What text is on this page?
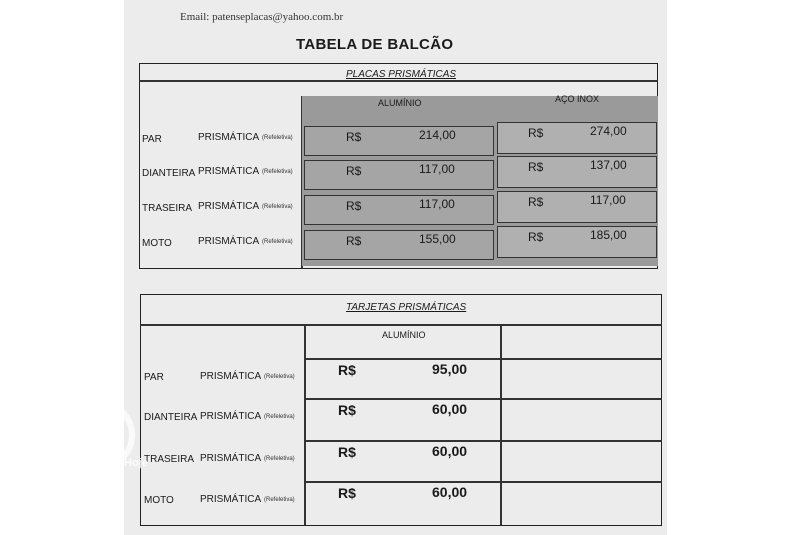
Email: patenseplacas@yahoo.com.br
TABELA DE BALCÃO
PLACAS PRISMÁTICAS
ALUMÍNIO	AÇO INOX
PAR	PRISMÁTICA (Refeletiva)	R$	214,00	R$	274,00
DIANTEIRA PRISMÁTICA (Refeletiva)	R$	117,00	R$	137,00
TRASEIRA PRISMÁTICA (Refeletiva)	R$	117,00	R$	117,00
MOTO	PRISMÁTICA (Refeletiva)	R$	155,00	R$	185,00
TARJETAS PRISMÁTICAS
ALUMÍNIO
PAR	PRISMÁTICA (Refeletiva)	R$	95,00
DIANTEIRA PRISMÁTICA (Refeletiva)	R$	60,00
TRASEIRA PRISMÁTICA (Refeletiva)	R$	60,00
MOTO	PRISMÁTICA (Refeletiva)	R$	60,00
Hoje
